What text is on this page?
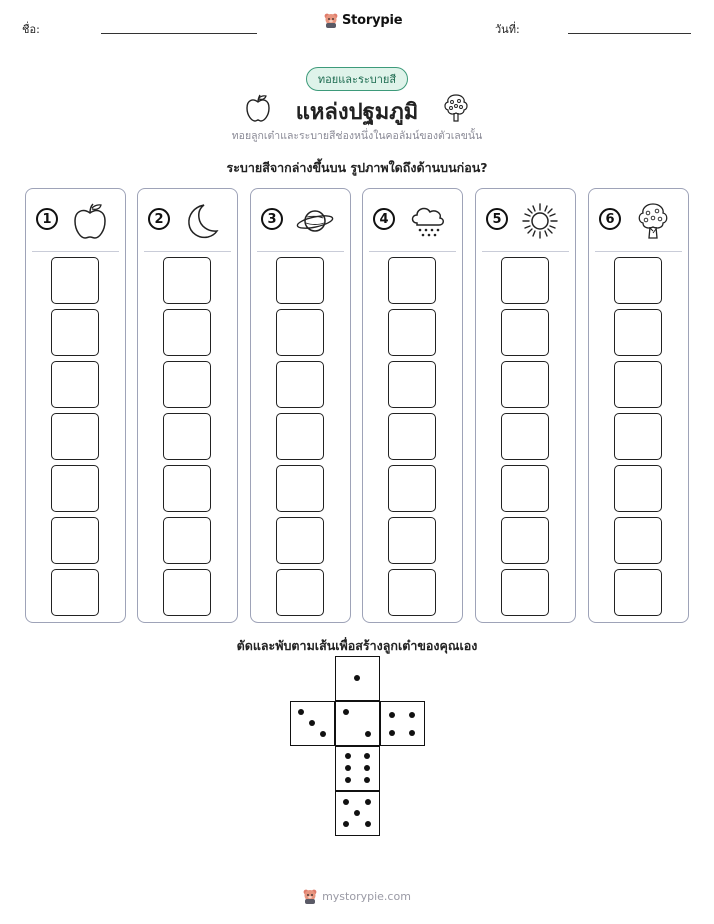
ชื่อ:
Storypie
วันที่:
ทอยและระบายสี
แหล่งปฐมภูมิ
ทอยลูกเต๋าและระบายสีช่องหนึ่งในคอลัมน์ของตัวเลขนั้น
ระบายสีจากล่างขึ้นบน รูปภาพใดถึงด้านบนก่อน?
1	2	3	4	5	6
ตัดและพับตามเส้นเพื่อสร้างลูกเต๋าของคุณเอง
mystorypie.com
